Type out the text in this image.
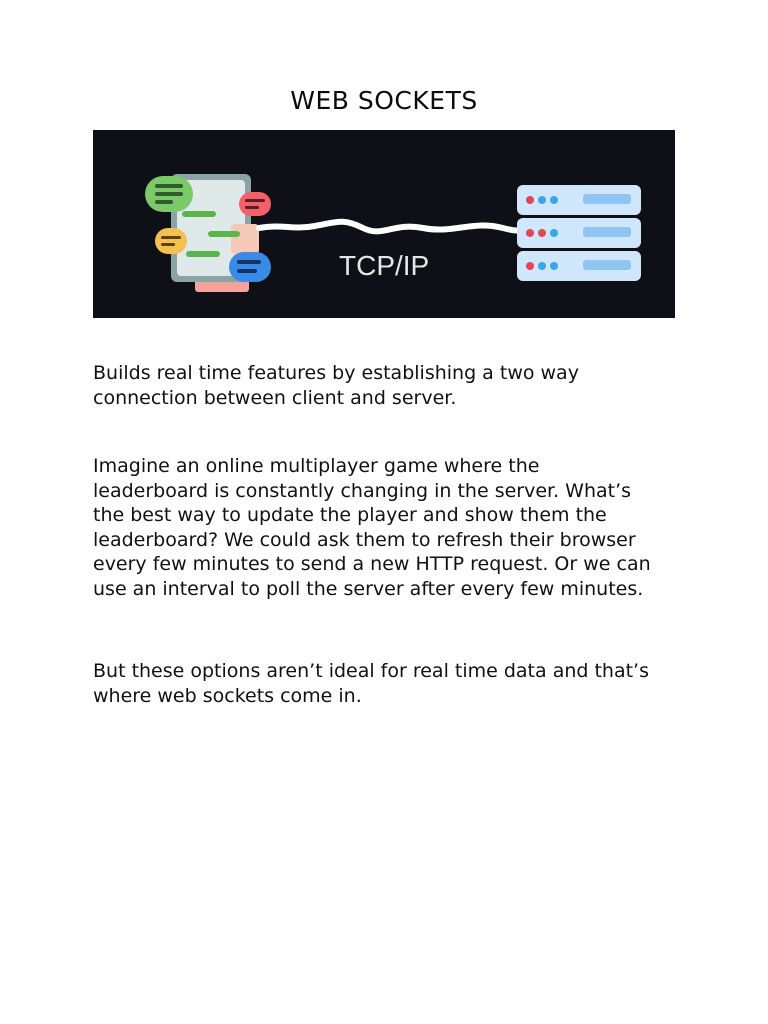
WEB SOCKETS
TCP/IP

Builds real time features by establishing a two way connection between client and server.

Imagine an online multiplayer game where the leaderboard is constantly changing in the server. What’s the best way to update the player and show them the leaderboard? We could ask them to refresh their browser every few minutes to send a new HTTP request. Or we can use an interval to poll the server after every few minutes.

But these options aren’t ideal for real time data and that’s where web sockets come in.
